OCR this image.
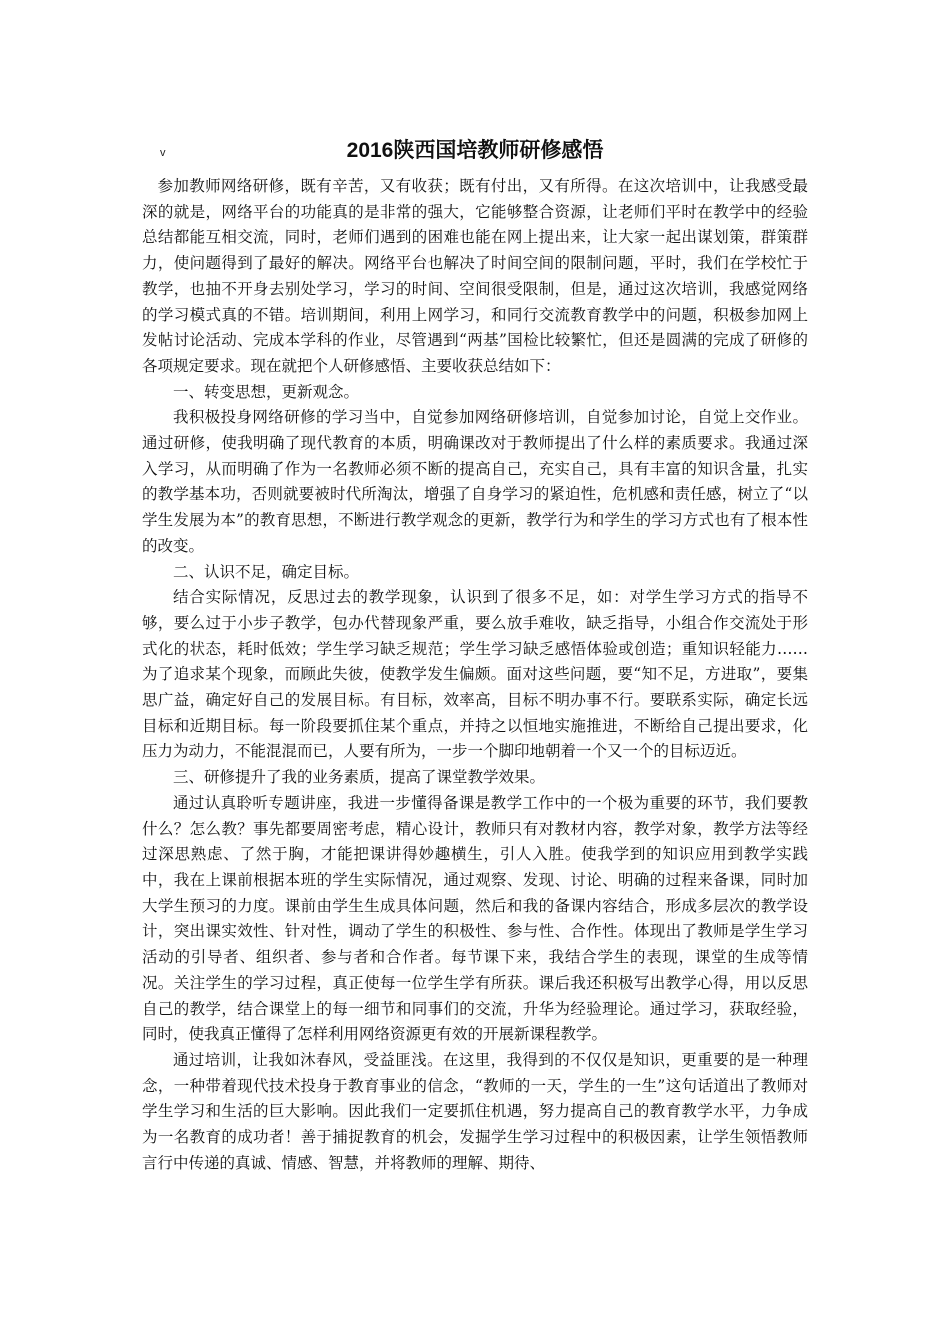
2016陕西国培教师研修感悟

参加教师网络研修，既有辛苦，又有收获；既有付出，又有所得。在这次培训中，让我感受最深的就是，网络平台的功能真的是非常的强大，它能够整合资源，让老师们平时在教学中的经验总结都能互相交流，同时，老师们遇到的困难也能在网上提出来，让大家一起出谋划策，群策群力，使问题得到了最好的解决。网络平台也解决了时间空间的限制问题，平时，我们在学校忙于教学，也抽不开身去别处学习，学习的时间、空间很受限制，但是，通过这次培训，我感觉网络的学习模式真的不错。培训期间，利用上网学习，和同行交流教育教学中的问题，积极参加网上发帖讨论活动、完成本学科的作业，尽管遇到“两基”国检比较繁忙，但还是圆满的完成了研修的各项规定要求。现在就把个人研修感悟、主要收获总结如下：

一、转变思想，更新观念。

我积极投身网络研修的学习当中，自觉参加网络研修培训，自觉参加讨论，自觉上交作业。通过研修，使我明确了现代教育的本质，明确课改对于教师提出了什么样的素质要求。我通过深入学习，从而明确了作为一名教师必须不断的提高自己，充实自己，具有丰富的知识含量，扎实的教学基本功，否则就要被时代所淘汰，增强了自身学习的紧迫性，危机感和责任感，树立了“以学生发展为本”的教育思想，不断进行教学观念的更新，教学行为和学生的学习方式也有了根本性的改变。

二、认识不足，确定目标。

结合实际情况，反思过去的教学现象，认识到了很多不足，如：对学生学习方式的指导不够，要么过于小步子教学，包办代替现象严重，要么放手难收，缺乏指导，小组合作交流处于形式化的状态，耗时低效；学生学习缺乏规范；学生学习缺乏感悟体验或创造；重知识轻能力……为了追求某个现象，而顾此失彼，使教学发生偏颇。面对这些问题，要“知不足，方进取”，要集思广益，确定好自己的发展目标。有目标，效率高，目标不明办事不行。要联系实际，确定长远目标和近期目标。每一阶段要抓住某个重点，并持之以恒地实施推进，不断给自己提出要求，化压力为动力，不能混混而已，人要有所为，一步一个脚印地朝着一个又一个的目标迈近。

三、研修提升了我的业务素质，提高了课堂教学效果。

通过认真聆听专题讲座，我进一步懂得备课是教学工作中的一个极为重要的环节，我们要教什么？怎么教？事先都要周密考虑，精心设计，教师只有对教材内容，教学对象，教学方法等经过深思熟虑、了然于胸，才能把课讲得妙趣横生，引人入胜。使我学到的知识应用到教学实践中，我在上课前根据本班的学生实际情况，通过观察、发现、讨论、明确的过程来备课，同时加大学生预习的力度。课前由学生生成具体问题，然后和我的备课内容结合，形成多层次的教学设计，突出课实效性、针对性，调动了学生的积极性、参与性、合作性。体现出了教师是学生学习活动的引导者、组织者、参与者和合作者。每节课下来，我结合学生的表现，课堂的生成等情况。关注学生的学习过程，真正使每一位学生学有所获。课后我还积极写出教学心得，用以反思自己的教学，结合课堂上的每一细节和同事们的交流，升华为经验理论。通过学习，获取经验，同时，使我真正懂得了怎样利用网络资源更有效的开展新课程教学。

通过培训，让我如沐春风，受益匪浅。在这里，我得到的不仅仅是知识，更重要的是一种理念，一种带着现代技术投身于教育事业的信念，“教师的一天，学生的一生”这句话道出了教师对学生学习和生活的巨大影响。因此我们一定要抓住机遇，努力提高自己的教育教学水平，力争成为一名教育的成功者！善于捕捉教育的机会，发掘学生学习过程中的积极因素，让学生领悟教师言行中传递的真诚、情感、智慧，并将教师的理解、期待、

v
